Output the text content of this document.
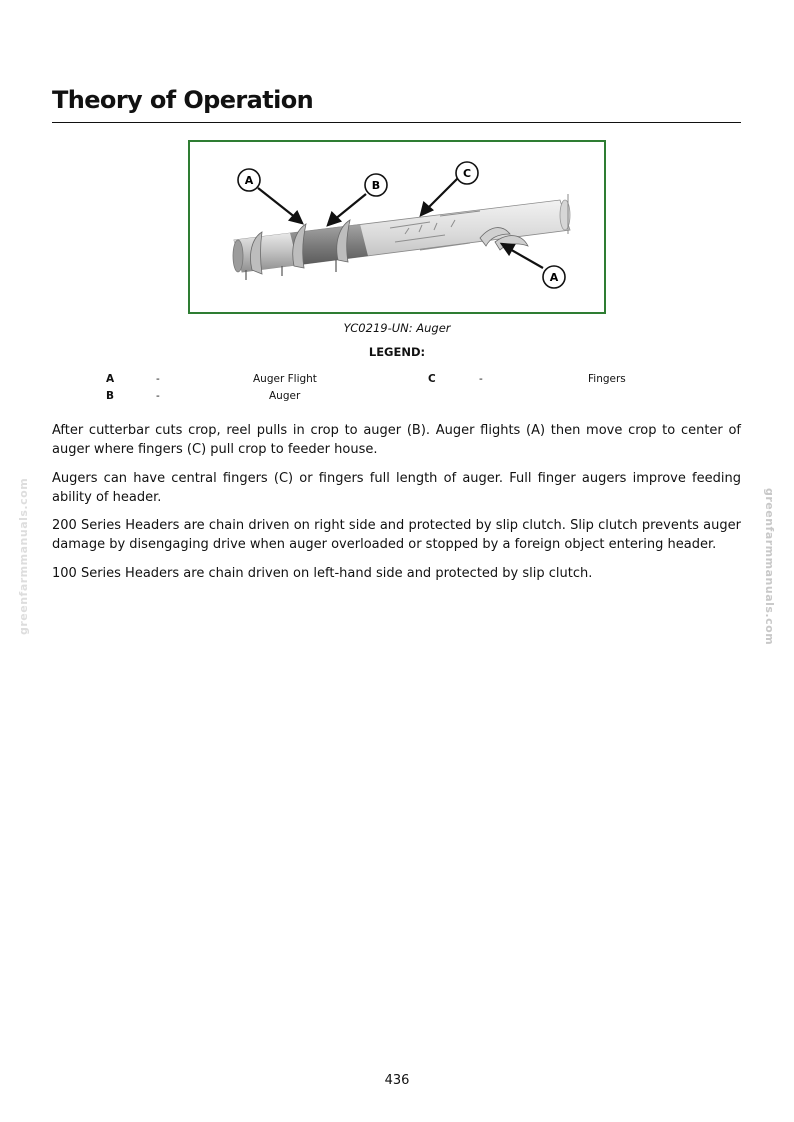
Theory of Operation
A	B
C
A
YC0219-UN: Auger
LEGEND:
A	-	Auger Flight
B	-	Auger
C	-	Fingers

After cutterbar cuts crop, reel pulls in crop to auger (B). Auger flights (A) then move crop to center of auger where fingers (C) pull crop to feeder house.

Augers can have central fingers (C) or fingers full length of auger. Full finger augers improve feeding ability of header.

200 Series Headers are chain driven on right side and protected by slip clutch. Slip clutch prevents auger damage by disengaging drive when auger overloaded or stopped by a foreign object entering header.

100 Series Headers are chain driven on left-hand side and protected by slip clutch.

greenfarmmanuals.com	greenfarmmanuals.com
436
